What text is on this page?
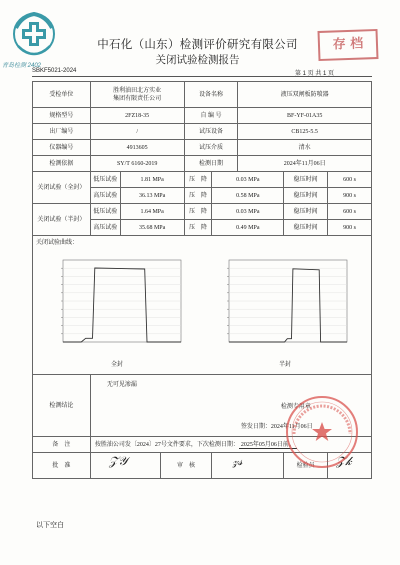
青岛检测 2402
中石化（山东）检测评价研究有限公司
关闭试验检测报告
存 档
SBKF5021-2024	第 1 页 共 1 页
受检单位	胜利油田北方实业
集团有限责任公司			设备名称		液压双闸板防喷器		
规格型号	2FZ18-35			自 编 号		BF-YF-01A35		
出厂编号	/			试压设备		CB125-5.5		
仪器编号	4913605			试压介质		清水		
检测依据	SY/T 6160-2019			检测日期		2024年11月06日		
关闭试验（全封）	低压试验	1.81 MPa		压　降	0.03 MPa		稳压时间	600 s
	高压试验	36.13 MPa		压　降	0.58 MPa		稳压时间	900 s
关闭试验（半封）	低压试验	1.64 MPa		压　降	0.03 MPa		稳压时间	600 s
	高压试验	35.68 MPa		压　降	0.49 MPa		稳压时间	900 s

关闭试验曲线：
全封 半封								

检测结论	无可见渗漏
检测专用章
签发日期：2024年11月06日							

备　注	按胜油公司发〔2024〕27号文件要求，下次检测日期： 2025年05月06日前。							
批　准	𝒵𝒴		审　核		𝓏𝓈		检验员	𝒵𝓀
以下空白
